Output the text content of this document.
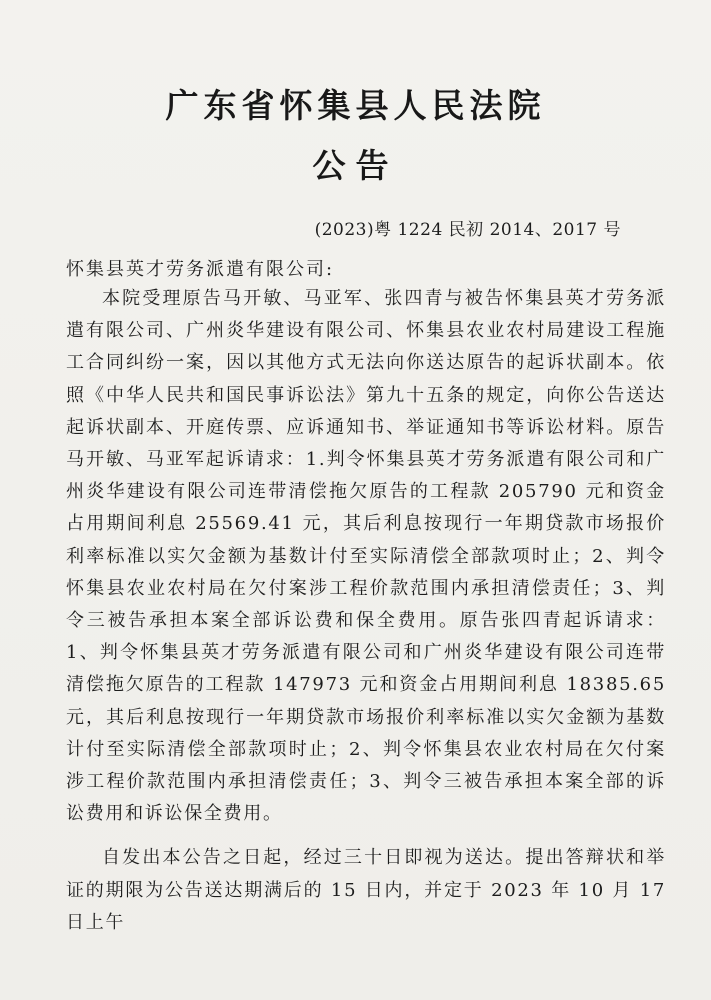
广东省怀集县人民法院
公告
(2023)粤 1224 民初 2014、2017 号
怀集县英才劳务派遣有限公司:

本院受理原告马开敏、马亚军、张四青与被告怀集县英才劳务派遣有限公司、广州炎华建设有限公司、怀集县农业农村局建设工程施工合同纠纷一案，因以其他方式无法向你送达原告的起诉状副本。依照《中华人民共和国民事诉讼法》第九十五条的规定，向你公告送达起诉状副本、开庭传票、应诉通知书、举证通知书等诉讼材料。原告马开敏、马亚军起诉请求：1.判令怀集县英才劳务派遣有限公司和广州炎华建设有限公司连带清偿拖欠原告的工程款 205790 元和资金占用期间利息 25569.41 元，其后利息按现行一年期贷款市场报价利率标准以实欠金额为基数计付至实际清偿全部款项时止；2、判令怀集县农业农村局在欠付案涉工程价款范围内承担清偿责任；3、判令三被告承担本案全部诉讼费和保全费用。原告张四青起诉请求：1、判令怀集县英才劳务派遣有限公司和广州炎华建设有限公司连带清偿拖欠原告的工程款 147973 元和资金占用期间利息 18385.65 元，其后利息按现行一年期贷款市场报价利率标准以实欠金额为基数计付至实际清偿全部款项时止；2、判令怀集县农业农村局在欠付案涉工程价款范围内承担清偿责任；3、判令三被告承担本案全部的诉讼费用和诉讼保全费用。

自发出本公告之日起，经过三十日即视为送达。提出答辩状和举证的期限为公告送达期满后的 15 日内，并定于 2023 年 10 月 17 日上午
